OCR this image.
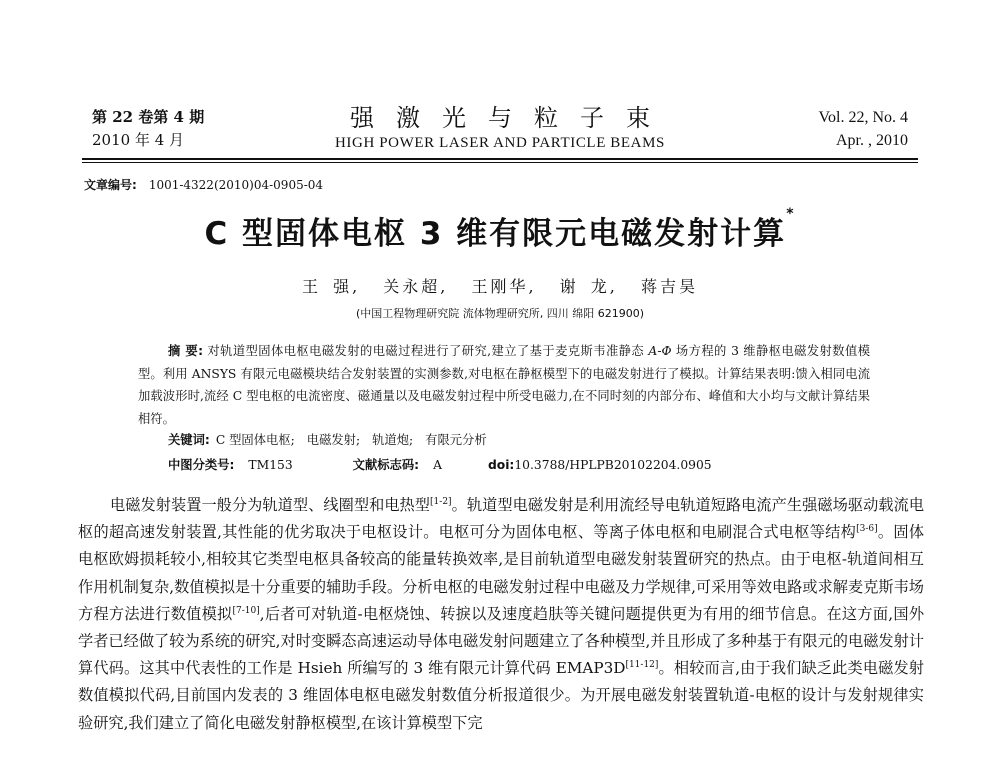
第 22 卷第 4 期
2010 年 4 月
强激光与粒子束
HIGH POWER LASER AND PARTICLE BEAMS
Vol. 22, No. 4
Apr. , 2010
文章编号: 1001-4322(2010)04-0905-04
C 型固体电枢 3 维有限元电磁发射计算*
王 强, 关永超, 王刚华, 谢 龙, 蒋吉昊
(中国工程物理研究院 流体物理研究所, 四川 绵阳 621900)
摘 要: 对轨道型固体电枢电磁发射的电磁过程进行了研究,建立了基于麦克斯韦准静态 A-Φ 场方程的 3 维静枢电磁发射数值模型。利用 ANSYS 有限元电磁模块结合发射装置的实测参数,对电枢在静枢模型下的电磁发射进行了模拟。计算结果表明:馈入相同电流加载波形时,流经 C 型电枢的电流密度、磁通量以及电磁发射过程中所受电磁力,在不同时刻的内部分布、峰值和大小均与文献计算结果相符。
关键词: C 型固体电枢; 电磁发射; 轨道炮; 有限元分析
中图分类号: TM153	文献标志码: A	doi:10.3788/HPLPB20102204.0905

电磁发射装置一般分为轨道型、线圈型和电热型[1-2]。轨道型电磁发射是利用流经导电轨道短路电流产生强磁场驱动载流电枢的超高速发射装置,其性能的优劣取决于电枢设计。电枢可分为固体电枢、等离子体电枢和电刷混合式电枢等结构[3-6]。固体电枢欧姆损耗较小,相较其它类型电枢具备较高的能量转换效率,是目前轨道型电磁发射装置研究的热点。由于电枢-轨道间相互作用机制复杂,数值模拟是十分重要的辅助手段。分析电枢的电磁发射过程中电磁及力学规律,可采用等效电路或求解麦克斯韦场方程方法进行数值模拟[7-10],后者可对轨道-电枢烧蚀、转捩以及速度趋肤等关键问题提供更为有用的细节信息。在这方面,国外学者已经做了较为系统的研究,对时变瞬态高速运动导体电磁发射问题建立了各种模型,并且形成了多种基于有限元的电磁发射计算代码。这其中代表性的工作是 Hsieh 所编写的 3 维有限元计算代码 EMAP3D[11-12]。相较而言,由于我们缺乏此类电磁发射数值模拟代码,目前国内发表的 3 维固体电枢电磁发射数值分析报道很少。为开展电磁发射装置轨道-电枢的设计与发射规律实验研究,我们建立了简化电磁发射静枢模型,在该计算模型下完
